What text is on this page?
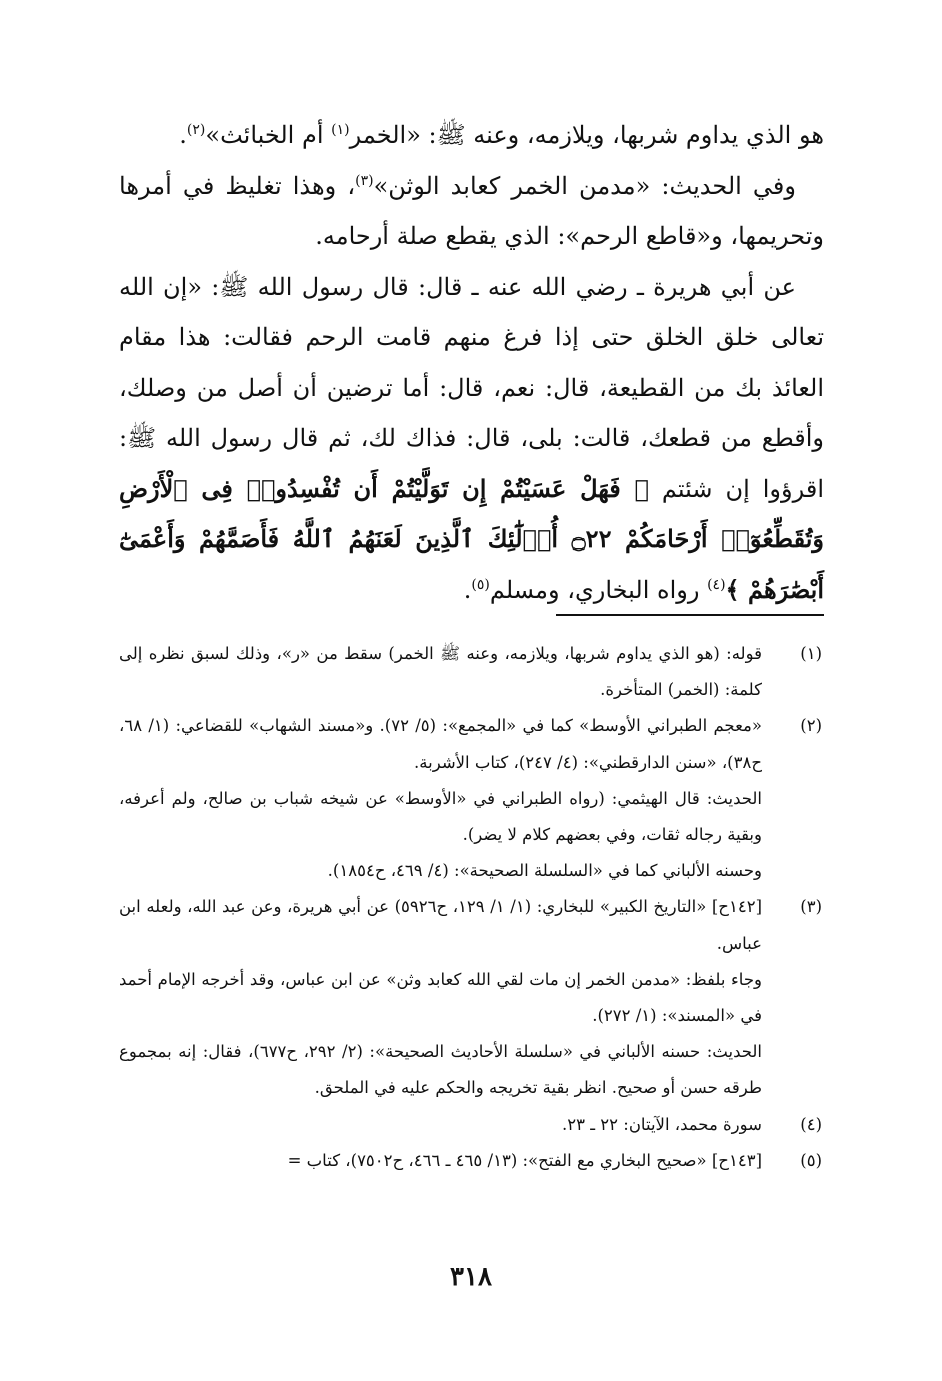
هو الذي يداوم شربها، ويلازمه، وعنه ﷺ: «الخمر$^{(١)}$ أم الخبائث»$^{(٢)}$.

وفي الحديث: «مدمن الخمر كعابد الوثن»$^{(٣)}$، وهذا تغليظ في أمرها وتحريمها، و«قاطع الرحم»: الذي يقطع صلة أرحامه.

عن أبي هريرة ـ رضي الله عنه ـ قال: قال رسول الله ﷺ: «إن الله تعالى خلق الخلق حتى إذا فرغ منهم قامت الرحم فقالت: هذا مقام العائذ بك من القطيعة، قال: نعم، قال: أما ترضين أن أصل من وصلك، وأقطع من قطعك، قالت: بلى، قال: فذاك لك، ثم قال رسول الله ﷺ: اقرؤوا إن شئتم ﴿ فَهَلْ عَسَيْتُمْ إِن تَوَلَّيْتُمْ أَن تُفْسِدُوا۟ فِى ٱلْأَرْضِ وَتُقَطِّعُوٓا۟ أَرْحَامَكُمْ ۝٢٢ أُو۟لَٰٓئِكَ ٱلَّذِينَ لَعَنَهُمُ ٱللَّهُ فَأَصَمَّهُمْ وَأَعْمَىٰٓ أَبْصَٰرَهُمْ ﴾$^{(٤)}$ رواه البخاري، ومسلم$^{(٥)}$.

(١)

قوله: (هو الذي يداوم شربها، ويلازمه، وعنه ﷺ الخمر) سقط من «ر»، وذلك لسبق نظره إلى كلمة: (الخمر) المتأخرة.

(٢)

«معجم الطبراني الأوسط» كما في «المجمع»: (٥/ ٧٢). و«مسند الشهاب» للقضاعي: (١/ ٦٨، ح٣٨)، «سنن الدارقطني»: (٤/ ٢٤٧)، كتاب الأشربة.

الحديث: قال الهيثمي: (رواه الطبراني في «الأوسط» عن شيخه شباب بن صالح، ولم أعرفه، وبقية رجاله ثقات، وفي بعضهم كلام لا يضر).

وحسنه الألباني كما في «السلسلة الصحيحة»: (٤/ ٤٦٩، ح١٨٥٤).

(٣)

[١٤٢ح] «التاريخ الكبير» للبخاري: (١/ ١/ ١٢٩، ح٥٩٢٦) عن أبي هريرة، وعن عبد الله، ولعله ابن عباس.

وجاء بلفظ: «مدمن الخمر إن مات لقي الله كعابد وثن» عن ابن عباس، وقد أخرجه الإمام أحمد في «المسند»: (١/ ٢٧٢).

الحديث: حسنه الألباني في «سلسلة الأحاديث الصحيحة»: (٢/ ٢٩٢، ح٦٧٧)، فقال: إنه بمجموع طرقه حسن أو صحيح. انظر بقية تخريجه والحكم عليه في الملحق.

(٤)

سورة محمد، الآيتان: ٢٢ ـ ٢٣.

(٥)

[١٤٣ح] «صحيح البخاري مع الفتح»: (١٣/ ٤٦٥ ـ ٤٦٦، ح٧٥٠٢)، كتاب =

٣١٨
